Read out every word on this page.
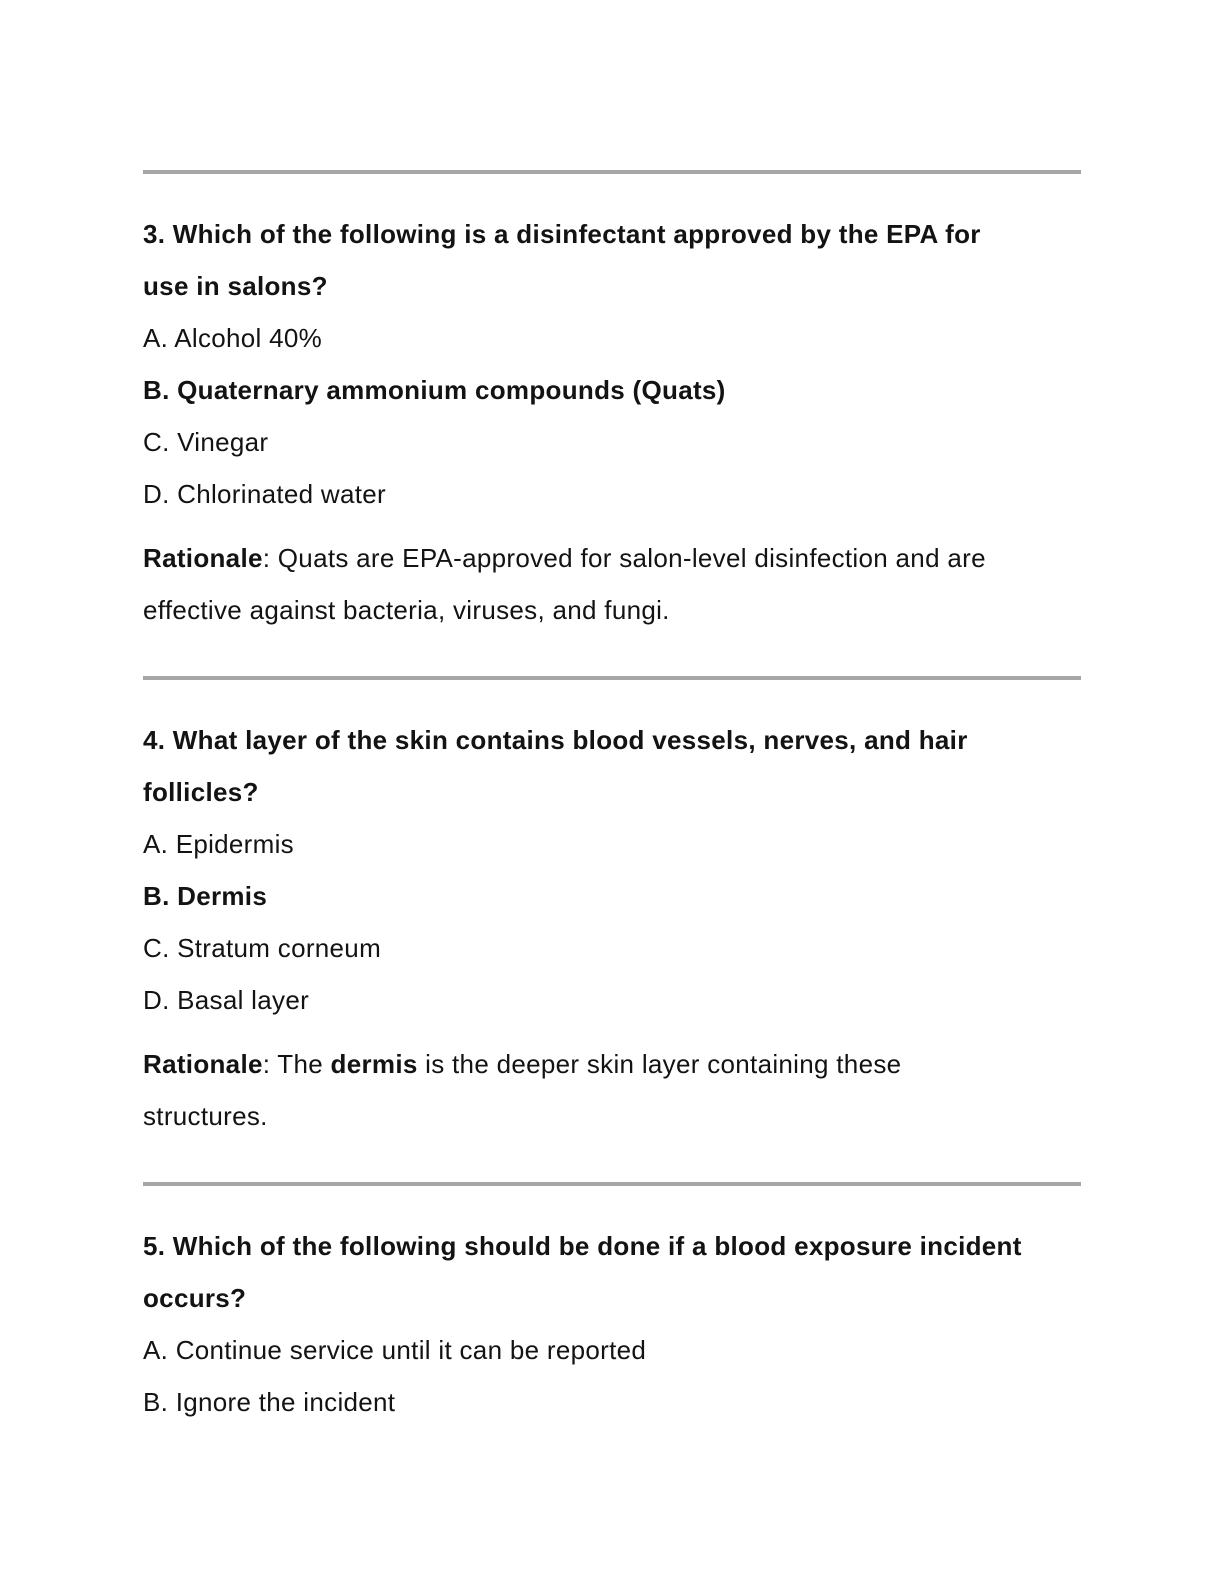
3. Which of the following is a disinfectant approved by the EPA for
use in salons?

A. Alcohol 40%

B. Quaternary ammonium compounds (Quats)

C. Vinegar

D. Chlorinated water

Rationale: Quats are EPA-approved for salon-level disinfection and are
effective against bacteria, viruses, and fungi.

4. What layer of the skin contains blood vessels, nerves, and hair
follicles?

A. Epidermis

B. Dermis

C. Stratum corneum

D. Basal layer

Rationale: The dermis is the deeper skin layer containing these
structures.

5. Which of the following should be done if a blood exposure incident
occurs?

A. Continue service until it can be reported

B. Ignore the incident
